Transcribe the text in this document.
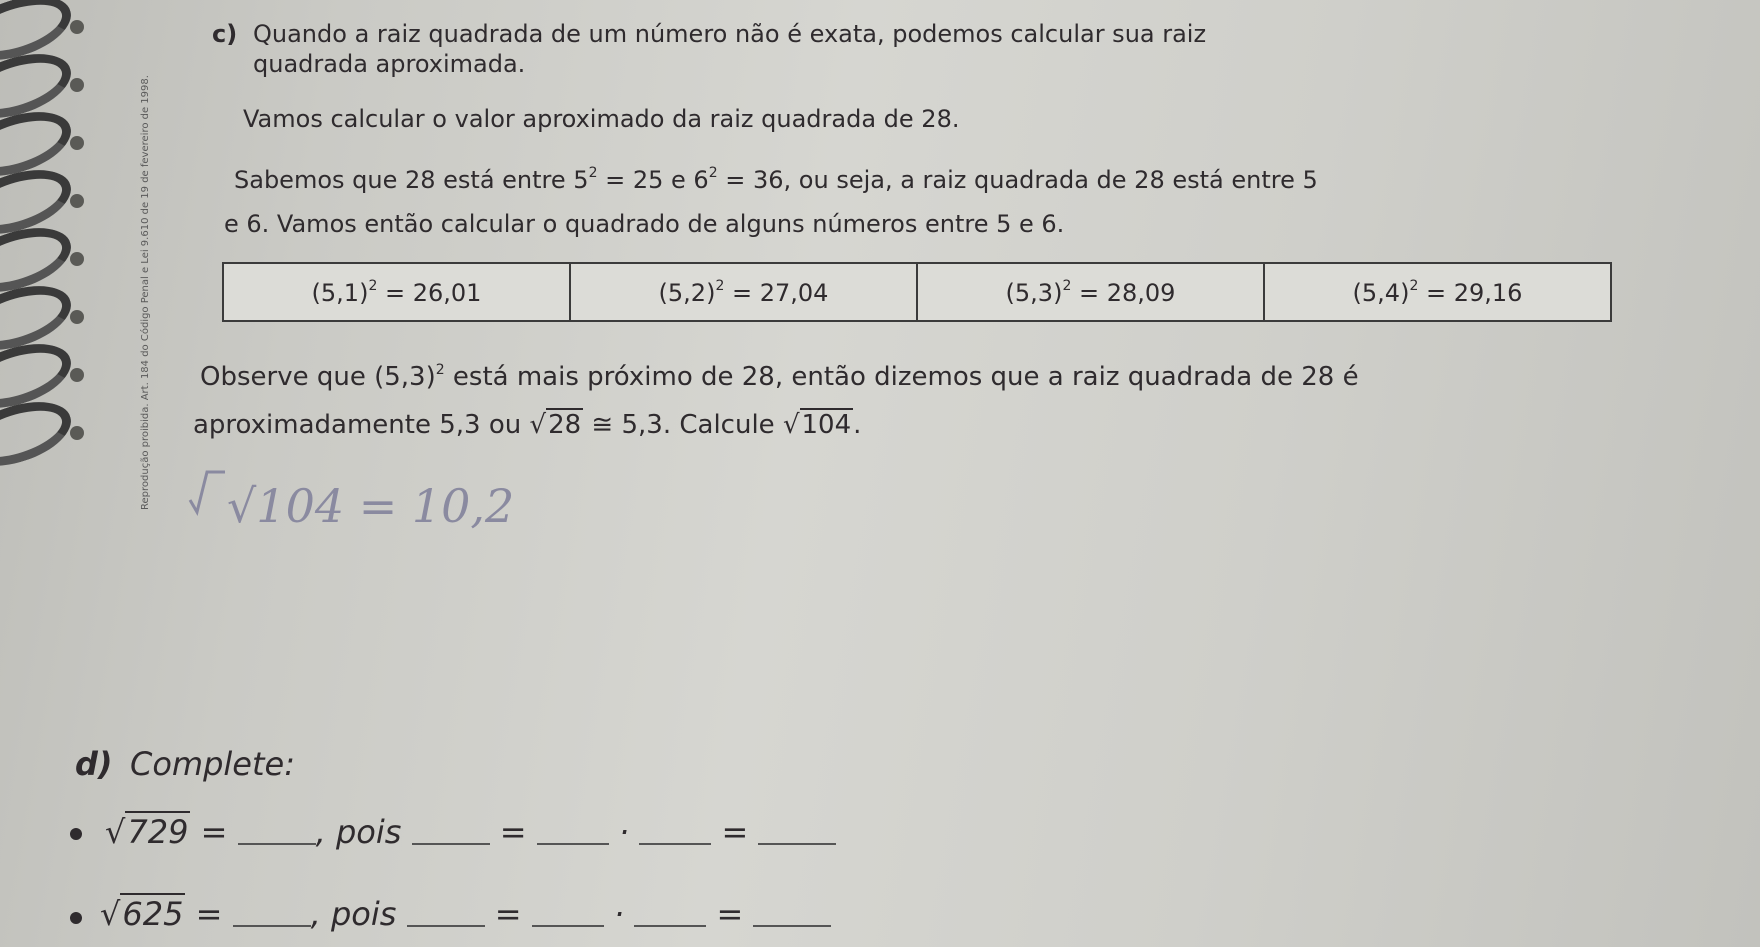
Reprodução proibida. Art. 184 do Código Penal e Lei 9.610 de 19 de fevereiro de 1998.
c) Quando a raiz quadrada de um número não é exata, podemos calcular sua raiz
quadrada aproximada.
Vamos calcular o valor aproximado da raiz quadrada de 28.
Sabemos que 28 está entre $5^2 = 25$ e $6^2 = 36$, ou seja, a raiz quadrada de 28 está entre 5
e 6. Vamos então calcular o quadrado de alguns números entre 5 e 6.
$(5,1)^2 = 26,01$	$(5,2)^2 = 27,04$	$(5,3)^2 = 28,09$	$(5,4)^2 = 29,16$
Observe que $(5,3)^2$ está mais próximo de 28, então dizemos que a raiz quadrada de 28 é
aproximadamente 5,3 ou √28 ≅ 5,3. Calcule √104.
√104 = 10,2
d) Complete:
√729 =	, pois	=	·	=
√625 =	, pois	=	·	=
